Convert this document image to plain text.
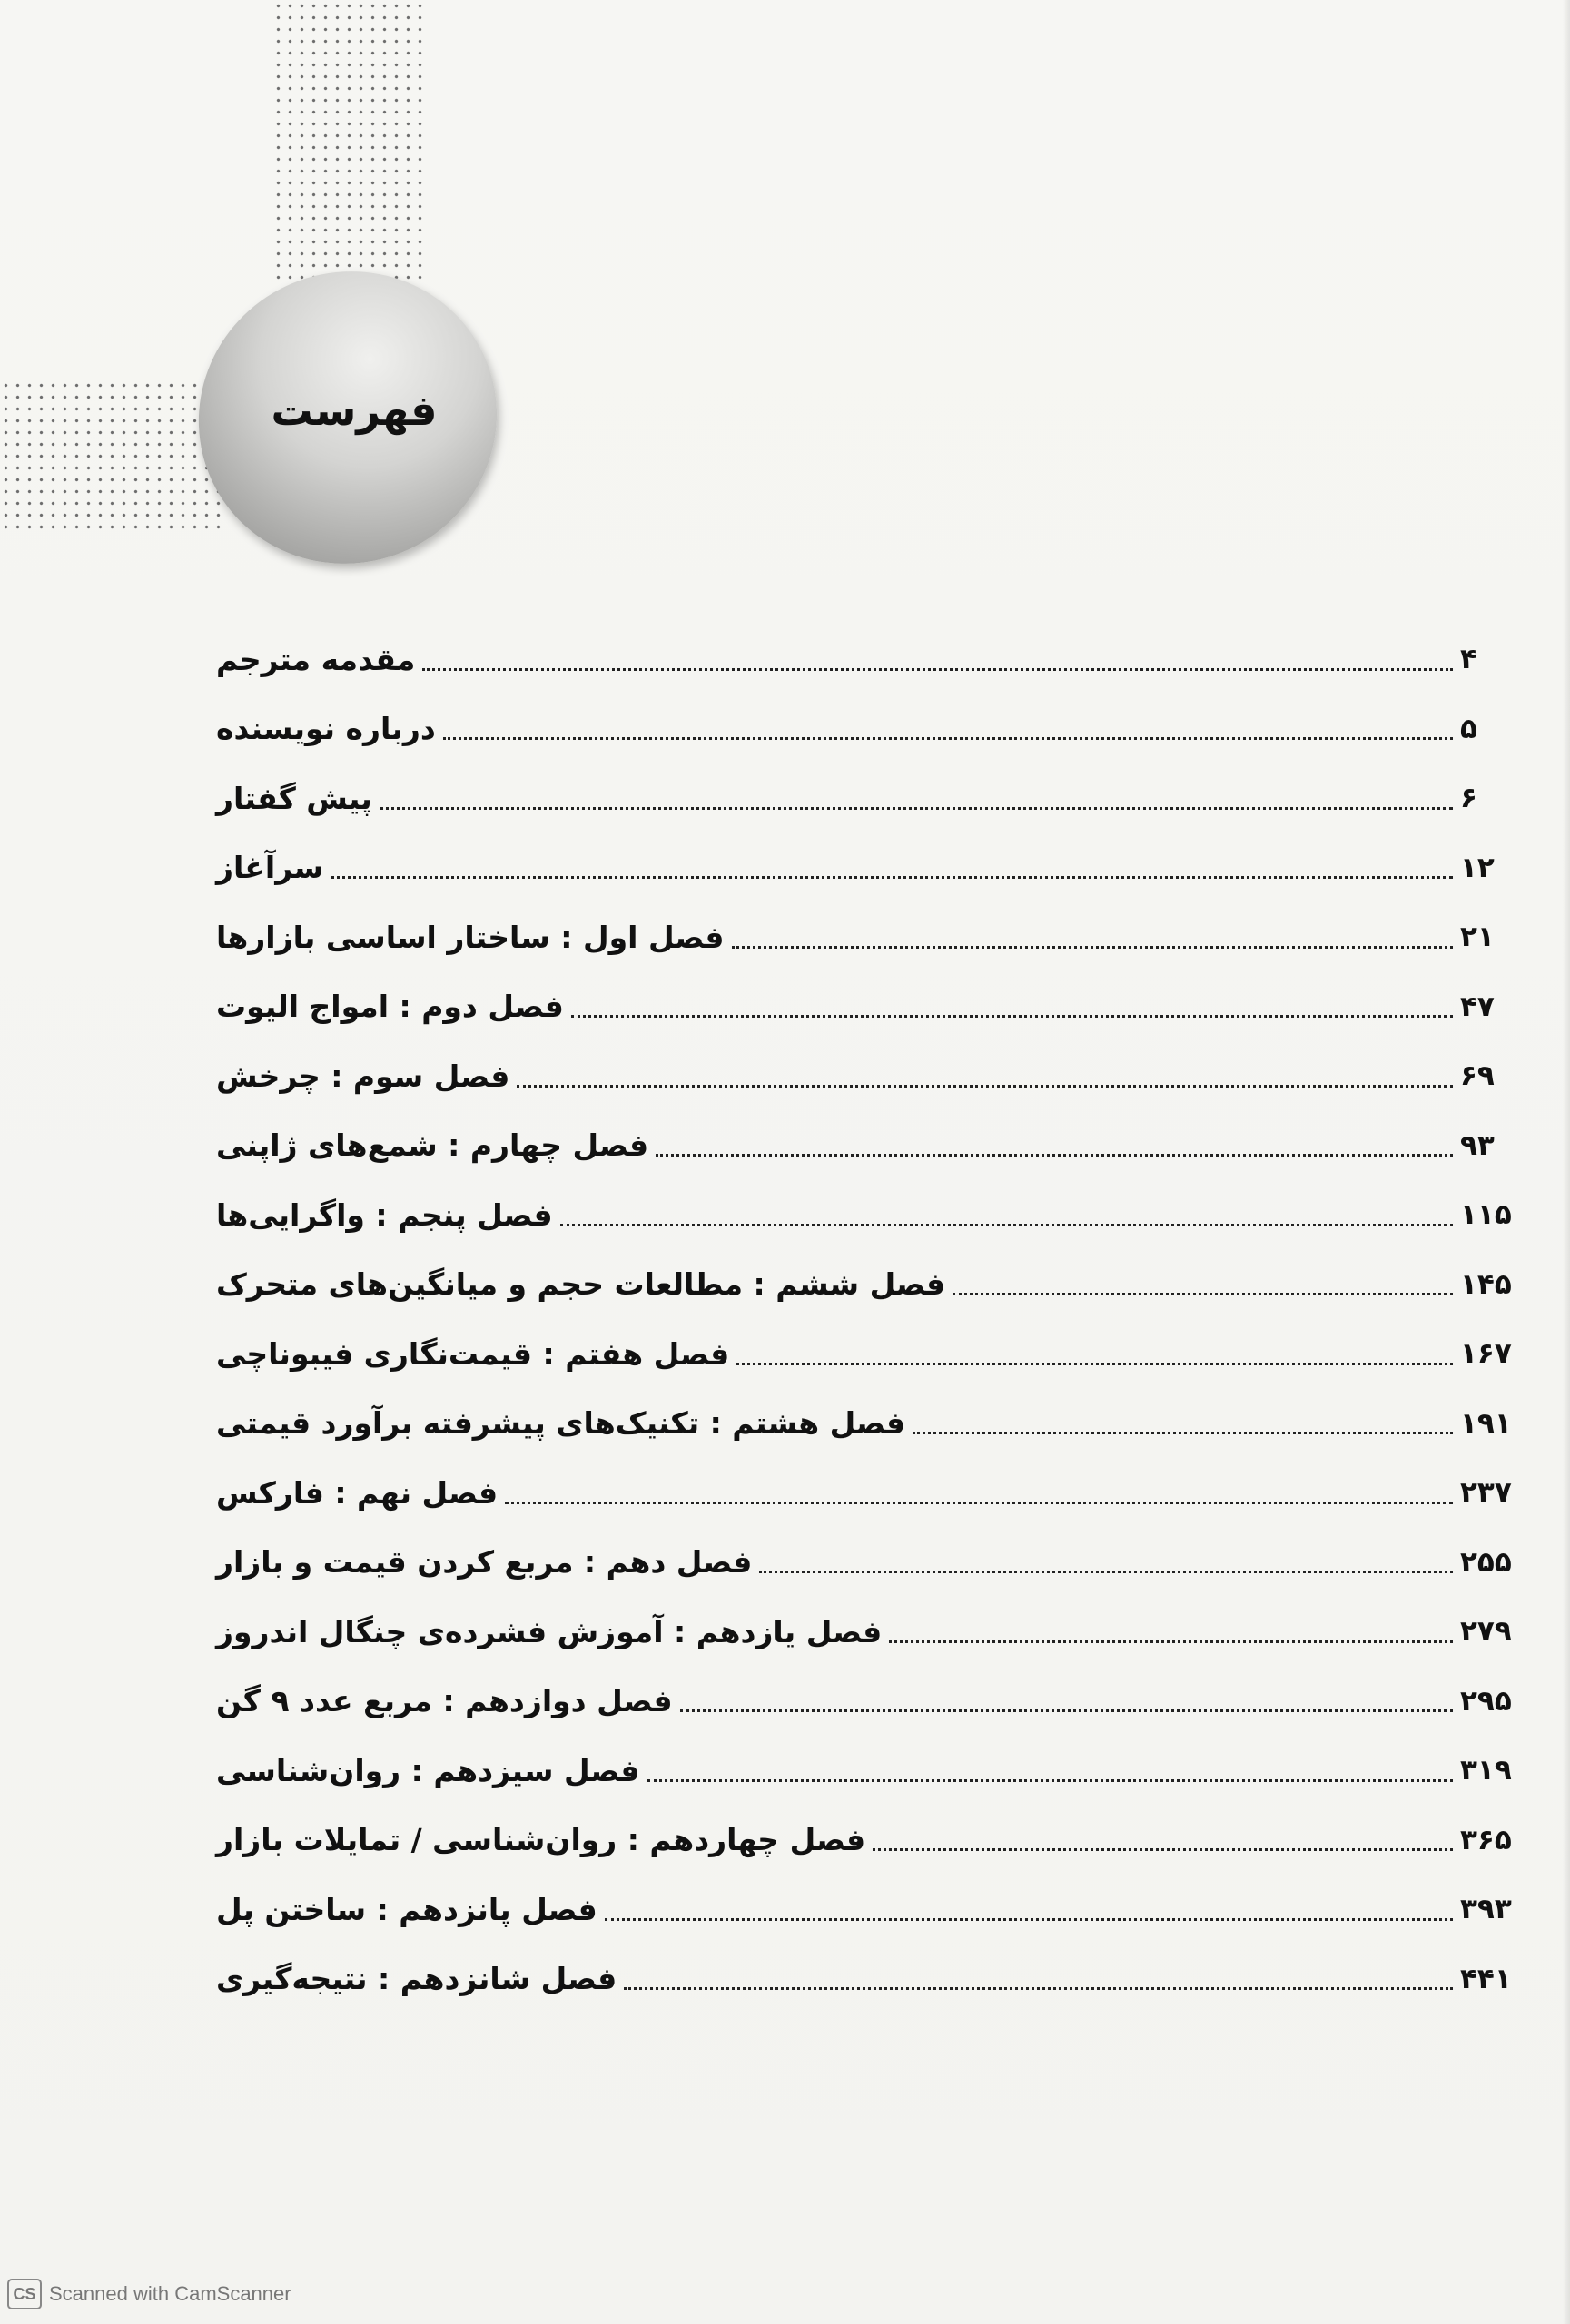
فهرست
مقدمه مترجم	۴
درباره نویسنده	۵
پیش گفتار	۶
سرآغاز	۱۲
فصل اول : ساختار اساسی بازارها	۲۱
فصل دوم : امواج الیوت	۴۷
فصل سوم : چرخش	۶۹
فصل چهارم : شمع‌های ژاپنی	۹۳
فصل پنجم : واگرایی‌ها	۱۱۵
فصل ششم : مطالعات حجم و میانگین‌های متحرک	۱۴۵
فصل هفتم : قیمت‌نگاری فیبوناچی	۱۶۷
فصل هشتم : تکنیک‌های پیشرفته برآورد قیمتی	۱۹۱
فصل نهم : فارکس	۲۳۷
فصل دهم : مربع کردن قیمت و بازار	۲۵۵
فصل یازدهم : آموزش فشرده‌ی چنگال اندروز	۲۷۹
فصل دوازدهم : مربع عدد ۹ گن	۲۹۵
فصل سیزدهم : روان‌شناسی	۳۱۹
فصل چهاردهم : روان‌شناسی / تمایلات بازار	۳۶۵
فصل پانزدهم : ساختن پل	۳۹۳
فصل شانزدهم : نتیجه‌گیری	۴۴۱
CS Scanned with CamScanner
